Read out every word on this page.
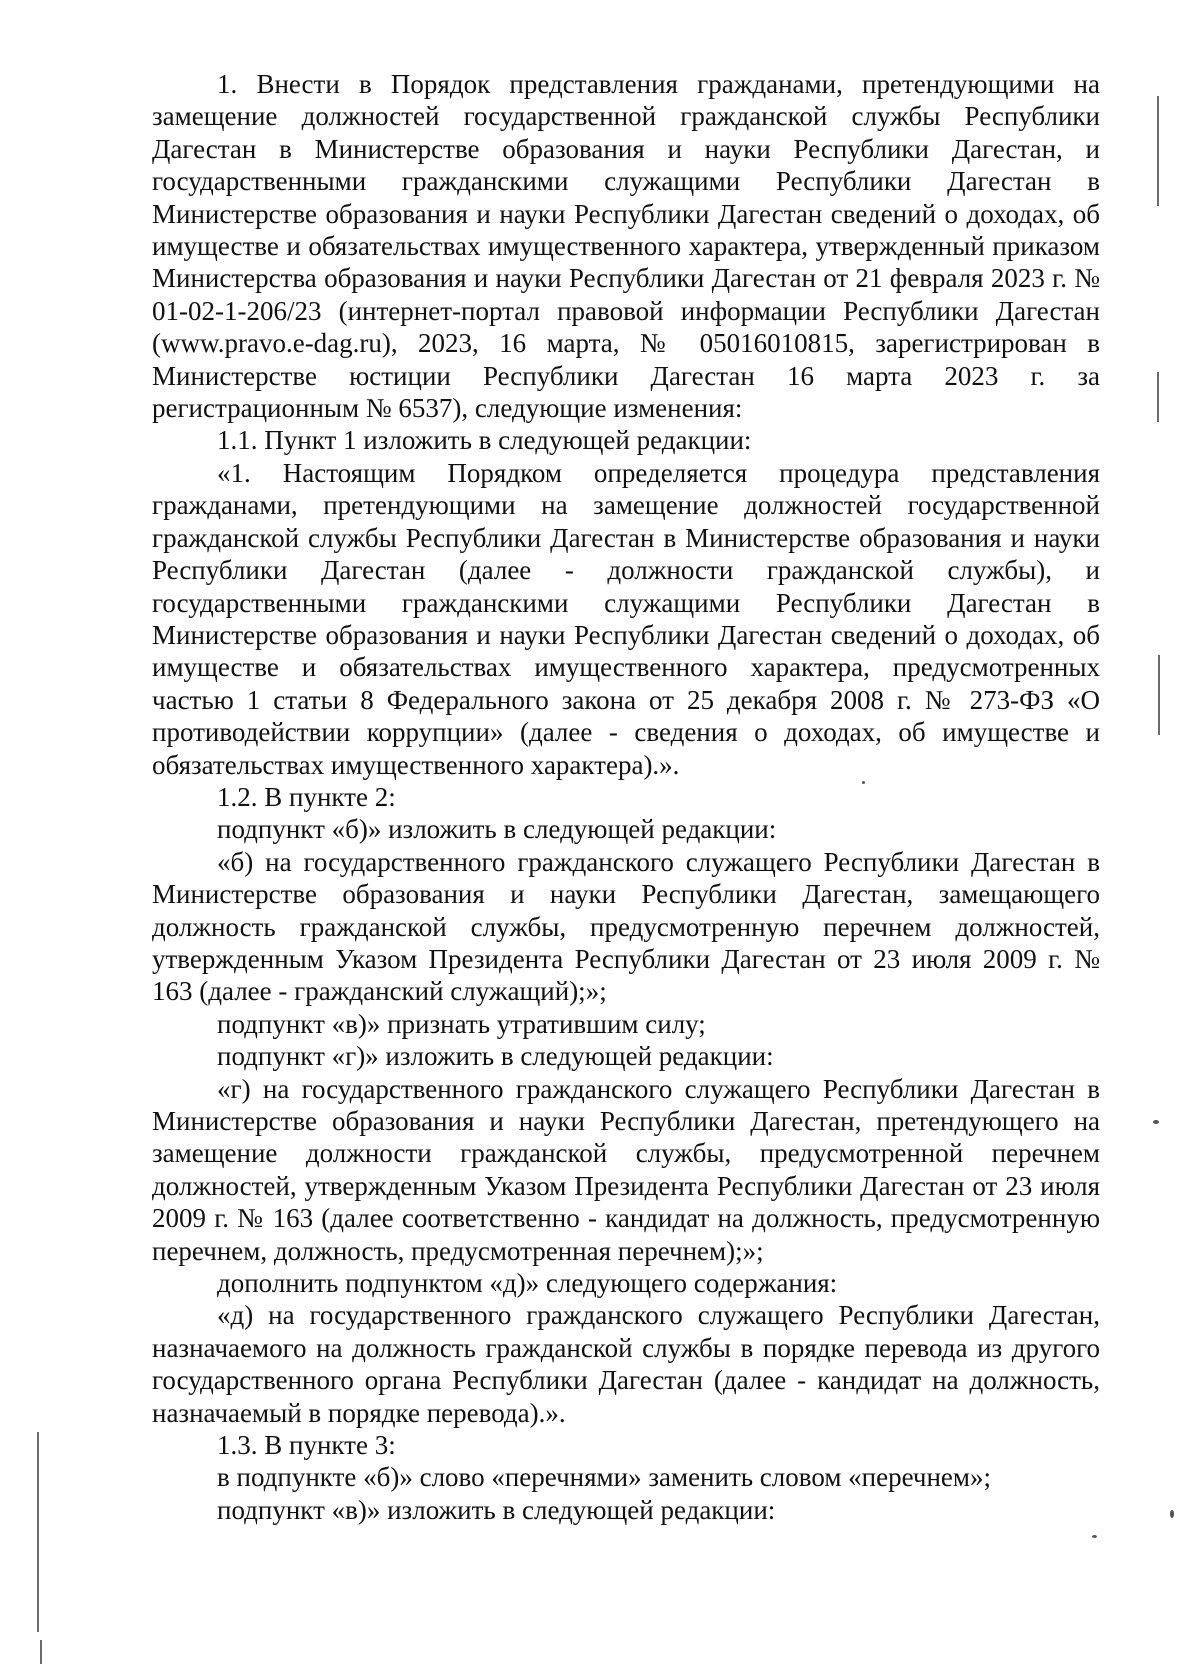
1. Внести в Порядок представления гражданами, претендующими на замещение должностей государственной гражданской службы Республики Дагестан в Министерстве образования и науки Республики Дагестан, и государственными гражданскими служащими Республики Дагестан в Министерстве образования и науки Республики Дагестан сведений о доходах, об имуществе и обязательствах имущественного характера, утвержденный приказом Министерства образования и науки Республики Дагестан от 21 февраля 2023 г. № 01-02-1-206/23 (интернет-портал правовой информации Республики Дагестан (www.pravo.e-dag.ru), 2023, 16 марта, № 05016010815, зарегистрирован в Министерстве юстиции Республики Дагестан 16 марта 2023 г. за регистрационным № 6537), следующие изменения:

1.1. Пункт 1 изложить в следующей редакции:

«1. Настоящим Порядком определяется процедура представления гражданами, претендующими на замещение должностей государственной гражданской службы Республики Дагестан в Министерстве образования и науки Республики Дагестан (далее - должности гражданской службы), и государственными гражданскими служащими Республики Дагестан в Министерстве образования и науки Республики Дагестан сведений о доходах, об имуществе и обязательствах имущественного характера, предусмотренных частью 1 статьи 8 Федерального закона от 25 декабря 2008 г. № 273-ФЗ «О противодействии коррупции» (далее - сведения о доходах, об имуществе и обязательствах имущественного характера).».

1.2. В пункте 2:

подпункт «б)» изложить в следующей редакции:

«б) на государственного гражданского служащего Республики Дагестан в Министерстве образования и науки Республики Дагестан, замещающего должность гражданской службы, предусмотренную перечнем должностей, утвержденным Указом Президента Республики Дагестан от 23 июля 2009 г. № 163 (далее - гражданский служащий);»;

подпункт «в)» признать утратившим силу;

подпункт «г)» изложить в следующей редакции:

«г) на государственного гражданского служащего Республики Дагестан в Министерстве образования и науки Республики Дагестан, претендующего на замещение должности гражданской службы, предусмотренной перечнем должностей, утвержденным Указом Президента Республики Дагестан от 23 июля 2009 г. № 163 (далее соответственно - кандидат на должность, предусмотренную перечнем, должность, предусмотренная перечнем);»;

дополнить подпунктом «д)» следующего содержания:

«д) на государственного гражданского служащего Республики Дагестан, назначаемого на должность гражданской службы в порядке перевода из другого государственного органа Республики Дагестан (далее - кандидат на должность, назначаемый в порядке перевода).».

1.3. В пункте 3:

в подпункте «б)» слово «перечнями» заменить словом «перечнем»;

подпункт «в)» изложить в следующей редакции:
